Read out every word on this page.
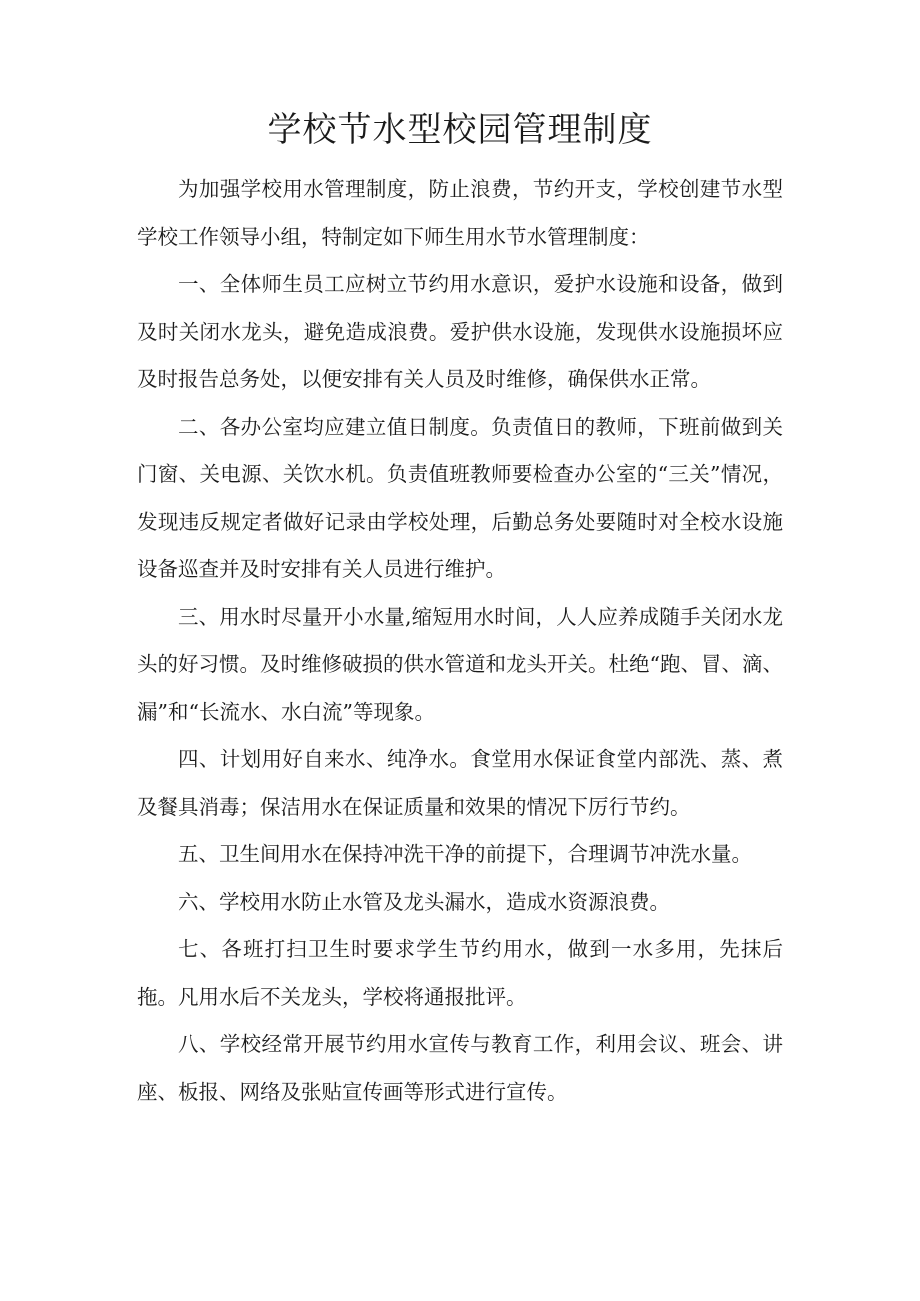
学校节水型校园管理制度

为加强学校用水管理制度，防止浪费，节约开支，学校创建节水型学校工作领导小组，特制定如下师生用水节水管理制度：

一、全体师生员工应树立节约用水意识，爱护水设施和设备，做到及时关闭水龙头，避免造成浪费。爱护供水设施，发现供水设施损坏应及时报告总务处，以便安排有关人员及时维修，确保供水正常。

二、各办公室均应建立值日制度。负责值日的教师，下班前做到关门窗、关电源、关饮水机。负责值班教师要检查办公室的“三关”情况，发现违反规定者做好记录由学校处理，后勤总务处要随时对全校水设施设备巡查并及时安排有关人员进行维护。

三、用水时尽量开小水量,缩短用水时间，人人应养成随手关闭水龙头的好习惯。及时维修破损的供水管道和龙头开关。杜绝“跑、冒、滴、漏”和“长流水、水白流”等现象。

四、计划用好自来水、纯净水。食堂用水保证食堂内部洗、蒸、煮及餐具消毒；保洁用水在保证质量和效果的情况下厉行节约。

五、卫生间用水在保持冲洗干净的前提下，合理调节冲洗水量。

六、学校用水防止水管及龙头漏水，造成水资源浪费。

七、各班打扫卫生时要求学生节约用水，做到一水多用，先抹后拖。凡用水后不关龙头，学校将通报批评。

八、学校经常开展节约用水宣传与教育工作，利用会议、班会、讲座、板报、网络及张贴宣传画等形式进行宣传。
